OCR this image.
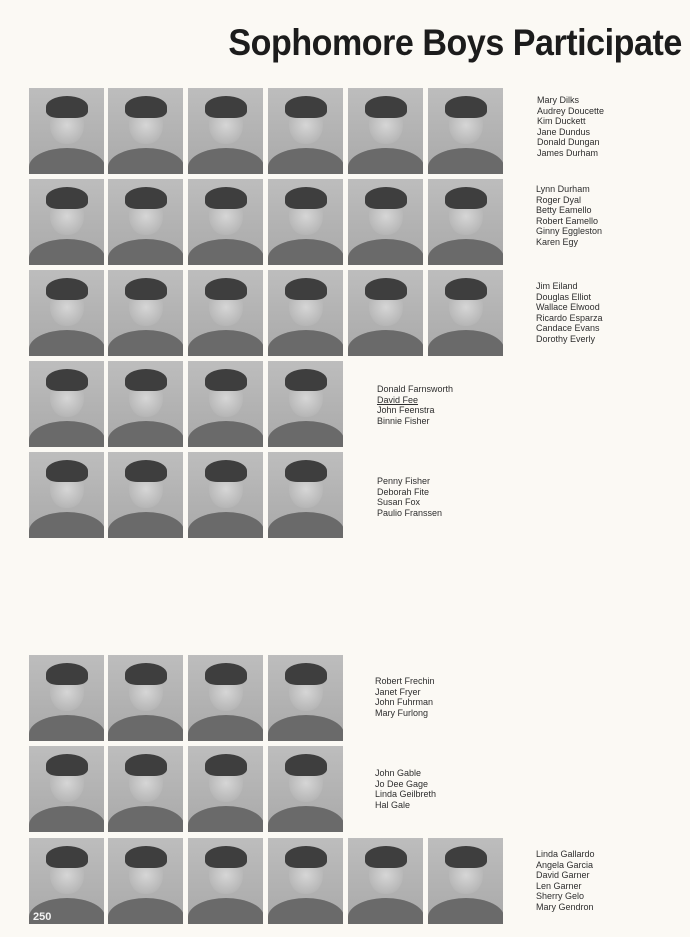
Sophomore Boys Participate
Mary Dilks
Audrey Doucette
Kim Duckett
Jane Dundus
Donald Dungan
James Durham
Lynn Durham
Roger Dyal
Betty Eamello
Robert Eamello
Ginny Eggleston
Karen Egy
Jim Eiland
Douglas Elliot
Wallace Elwood
Ricardo Esparza
Candace Evans
Dorothy Everly
Donald Farnsworth
David Fee
John Feenstra
Binnie Fisher
Penny Fisher
Deborah Fite
Susan Fox
Paulio Franssen
Robert Frechin
Janet Fryer
John Fuhrman
Mary Furlong
John Gable
Jo Dee Gage
Linda Geilbreth
Hal Gale
Linda Gallardo
Angela Garcia
David Garner
Len Garner
Sherry Gelo
Mary Gendron
250
